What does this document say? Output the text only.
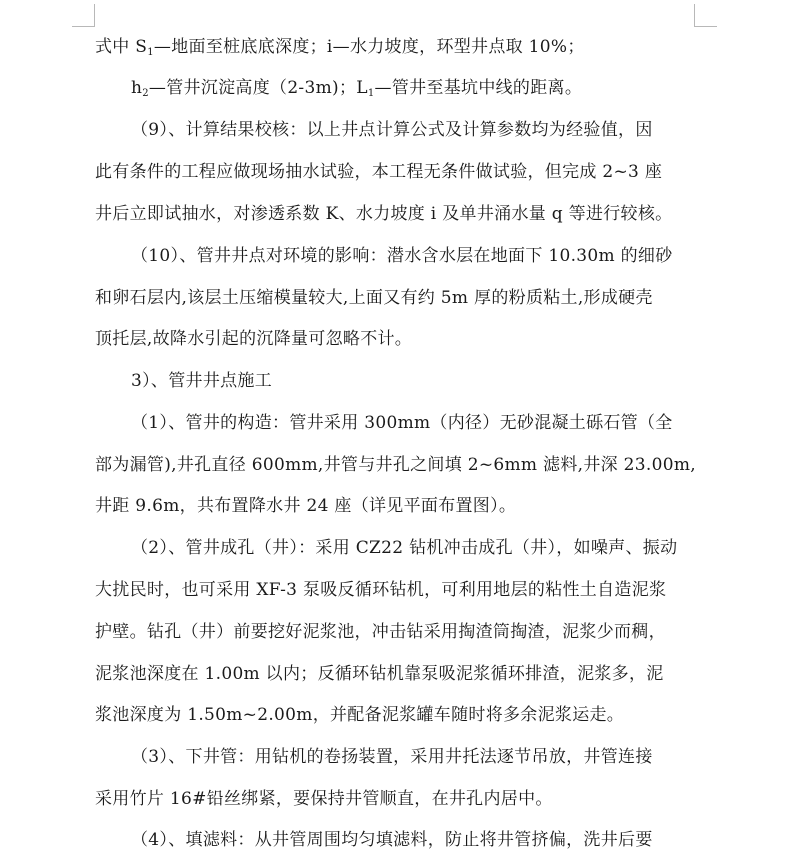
式中 $S_1—$地面至桩底底深度；i—水力坡度，环型井点取 10%；
$h_2—$管井沉淀高度（2-3m)；$L_1—$管井至基坑中线的距离。
（9）、计算结果校核：以上井点计算公式及计算参数均为经验值，因
此有条件的工程应做现场抽水试验，本工程无条件做试验，但完成 2~3 座
井后立即试抽水，对渗透系数 K、水力坡度 i 及单井涌水量 q 等进行较核。
（10）、管井井点对环境的影响：潜水含水层在地面下 10.30m 的细砂
和卵石层内,该层土压缩模量较大,上面又有约 5m 厚的粉质粘土,形成硬壳
顶托层,故降水引起的沉降量可忽略不计。
3）、管井井点施工
（1）、管井的构造：管井采用 300mm（内径）无砂混凝土砾石管（全
部为漏管),井孔直径 600mm,井管与井孔之间填 2~6mm 滤料,井深 23.00m,
井距 9.6m，共布置降水井 24 座（详见平面布置图）。
（2）、管井成孔（井）：采用 CZ22 钻机冲击成孔（井），如噪声、振动
大扰民时，也可采用 XF-3 泵吸反循环钻机，可利用地层的粘性土自造泥浆
护壁。钻孔（井）前要挖好泥浆池，冲击钻采用掏渣筒掏渣，泥浆少而稠，
泥浆池深度在 1.00m 以内；反循环钻机靠泵吸泥浆循环排渣，泥浆多，泥
浆池深度为 1.50m~2.00m，并配备泥浆罐车随时将多余泥浆运走。
（3）、下井管：用钻机的卷扬装置，采用井托法逐节吊放，井管连接
采用竹片 16#铅丝绑紧，要保持井管顺直，在井孔内居中。
（4）、填滤料：从井管周围均匀填滤料，防止将井管挤偏，洗井后要
